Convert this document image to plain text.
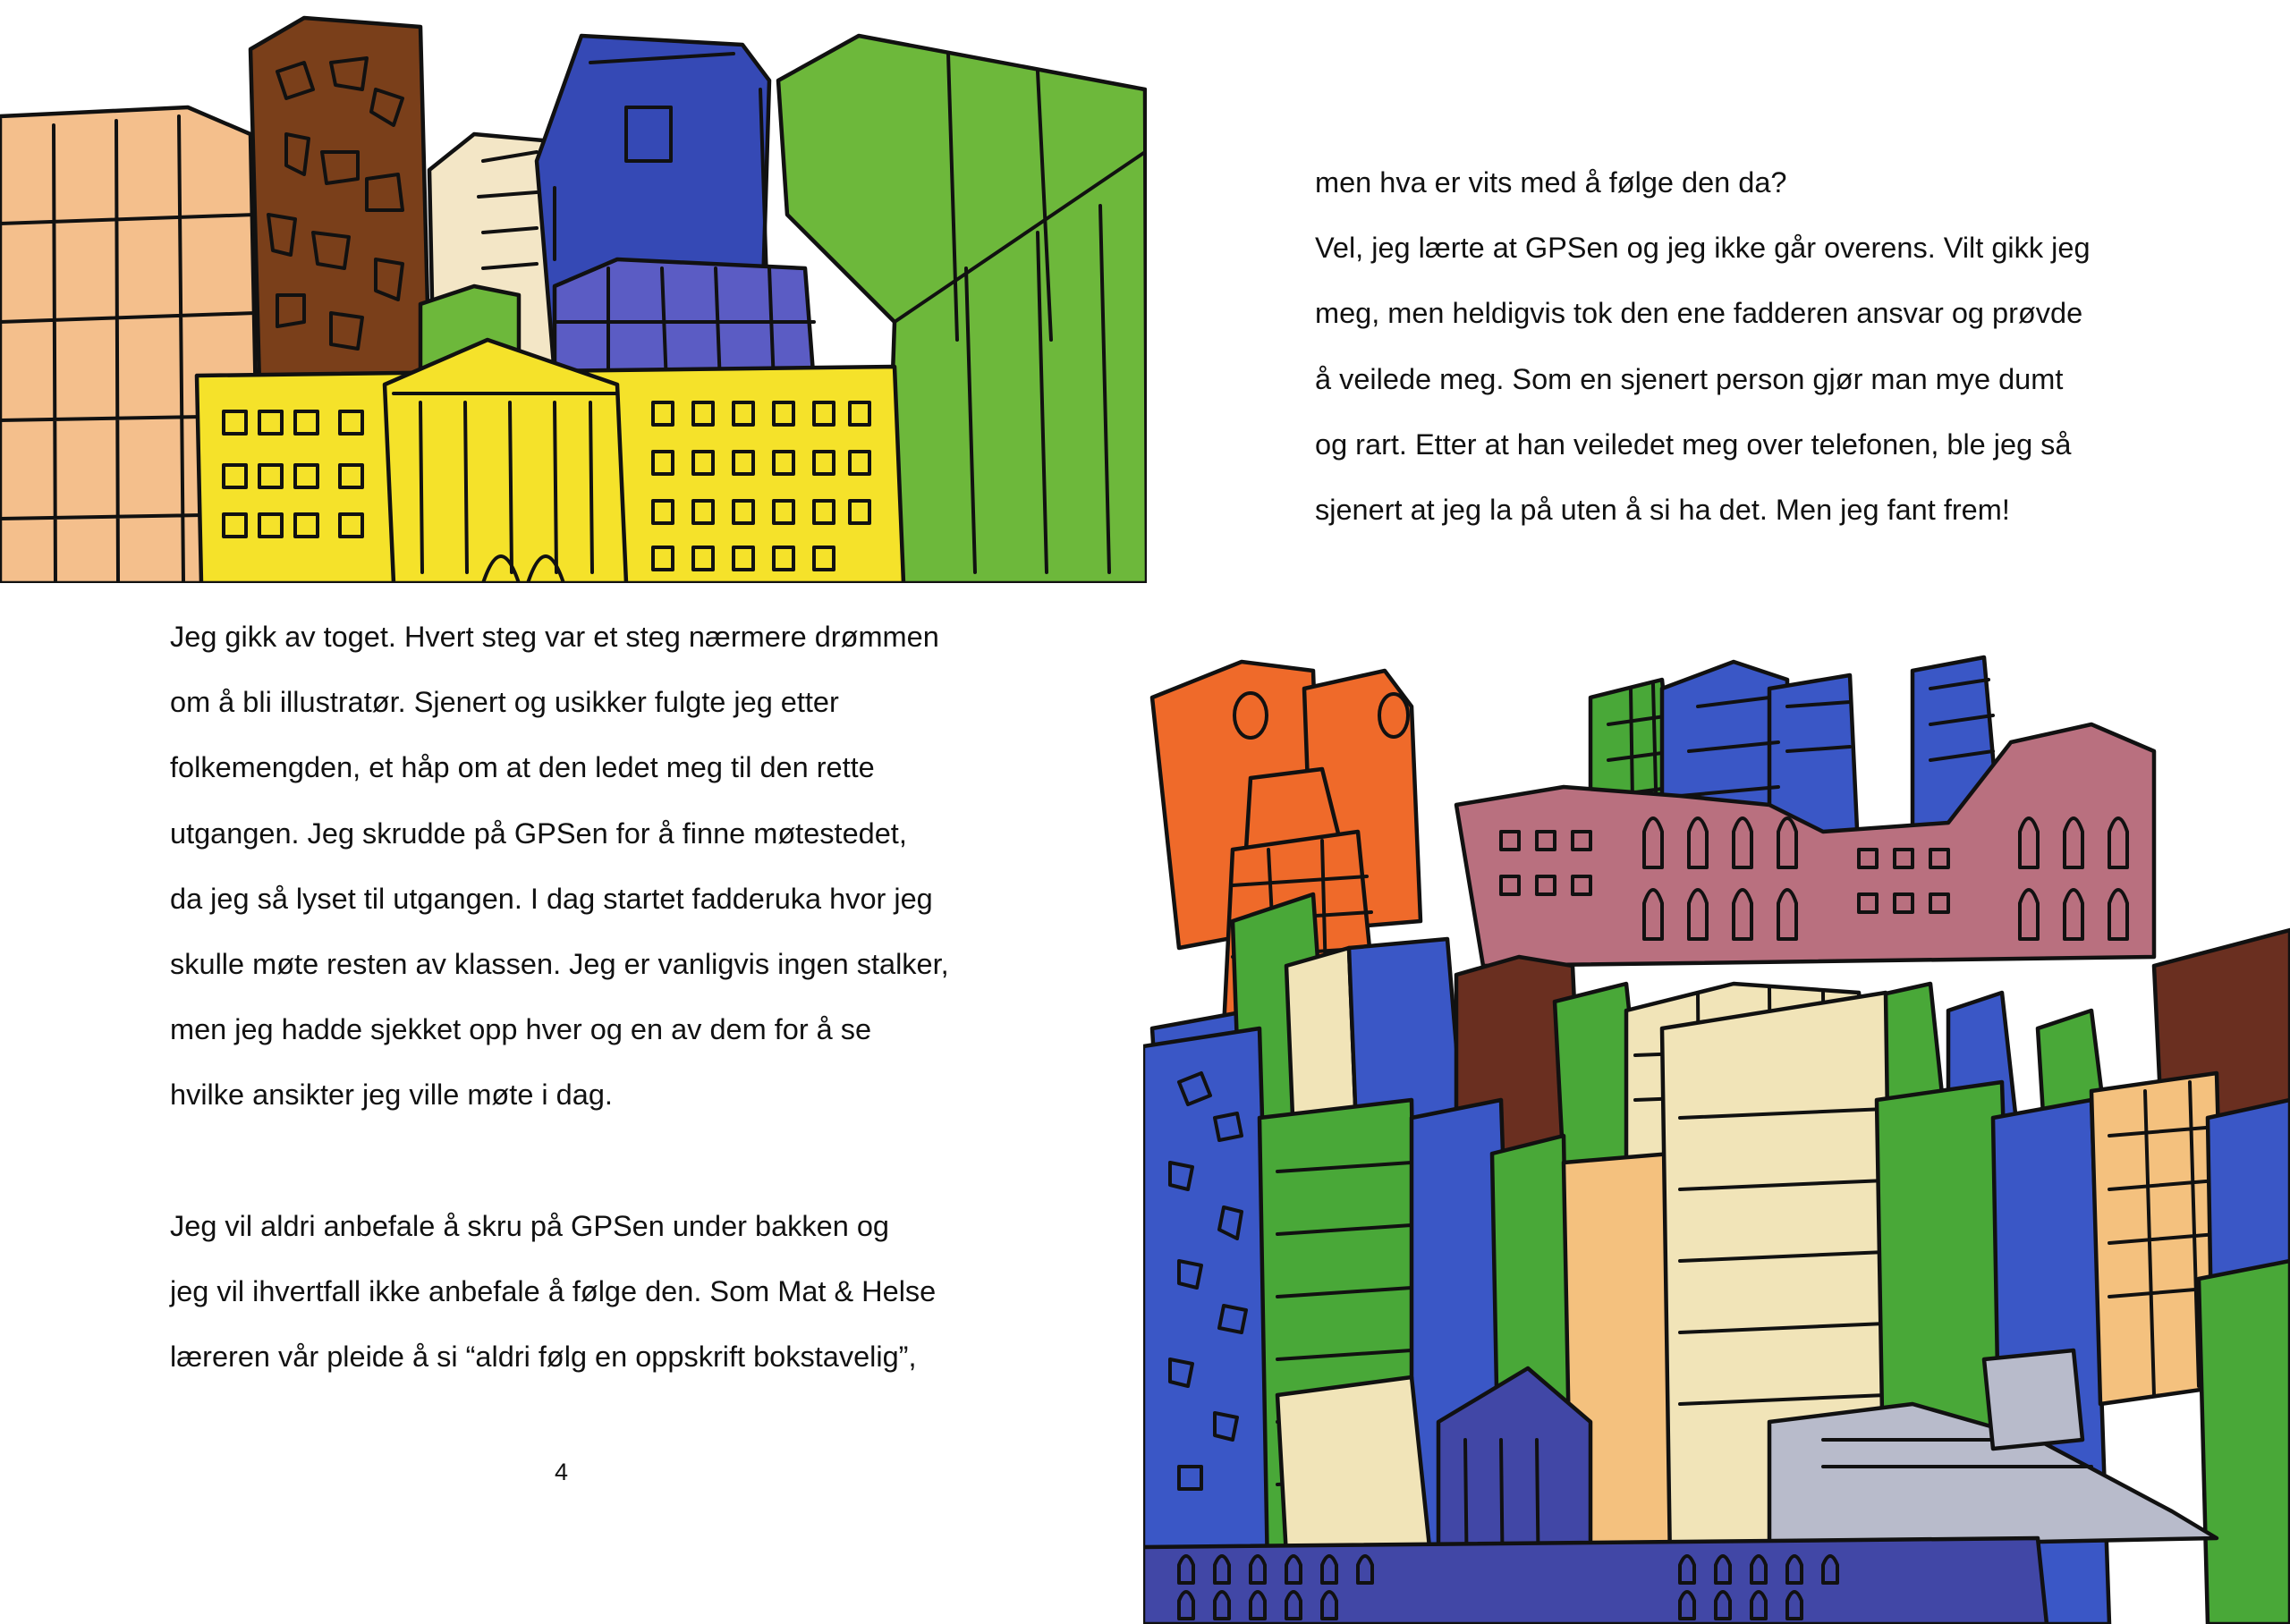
men hva er vits med å følge den da?

Vel, jeg lærte at GPSen og jeg ikke går overens. Vilt gikk jeg

meg, men heldigvis tok den ene fadderen ansvar og prøvde

å veilede meg. Som en sjenert person gjør man mye dumt

og rart. Etter at han veiledet meg over telefonen, ble jeg så

sjenert at jeg la på uten å si ha det. Men jeg fant frem!

Jeg gikk av toget. Hvert steg var et steg nærmere drømmen

om å bli illustratør. Sjenert og usikker fulgte jeg etter

folkemengden, et håp om at den ledet meg til den rette

utgangen. Jeg skrudde på GPSen for å finne møtestedet,

da jeg så lyset til utgangen. I dag startet fadderuka hvor jeg

skulle møte resten av klassen. Jeg er vanligvis ingen stalker,

men jeg hadde sjekket opp hver og en av dem for å se

hvilke ansikter jeg ville møte i dag.

Jeg vil aldri anbefale å skru på GPSen under bakken og

jeg vil ihvertfall ikke anbefale å følge den. Som Mat & Helse

læreren vår pleide å si “aldri følg en oppskrift bokstavelig”,

4
